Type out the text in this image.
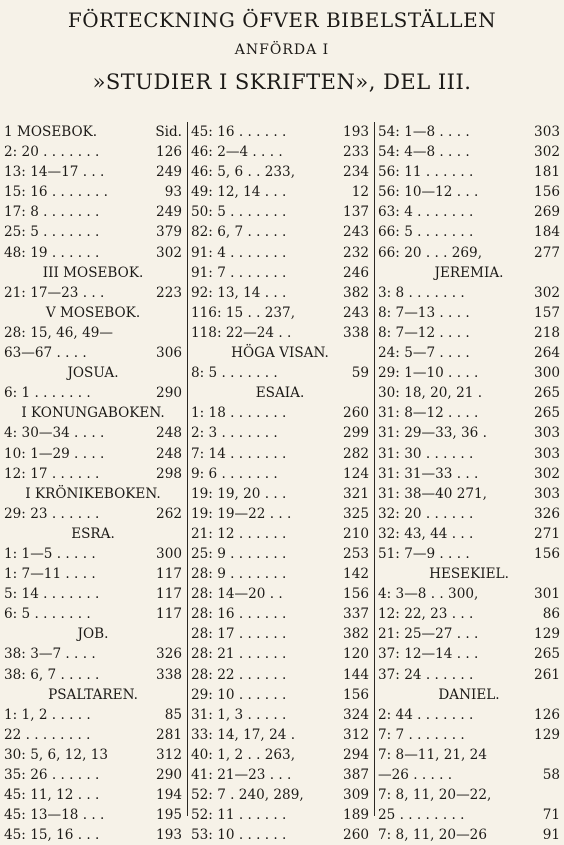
FÖRTECKNING ÖFVER BIBELSTÄLLEN
ANFÖRDA I
»STUDIER I SKRIFTEN», DEL III.
1 MOSEBOK.	Sid.
2: 20 . . . . . . .	126
13: 14—17 . . .	249
15: 16 . . . . . . .	93
17: 8 . . . . . . .	249
25: 5 . . . . . . .	379
48: 19 . . . . . .	302
III MOSEBOK.
21: 17—23 . . .	223
V MOSEBOK.
28: 15, 46, 49—
63—67 . . . .	306
JOSUA.
6: 1 . . . . . . .	290
I KONUNGABOKEN.
4: 30—34 . . . .	248
10: 1—29 . . . .	248
12: 17 . . . . . .	298
I KRÖNIKEBOKEN.
29: 23 . . . . . .	262
ESRA.
1: 1—5 . . . . .	300
1: 7—11 . . . .	117
5: 14 . . . . . . .	117
6: 5 . . . . . . .	117
JOB.
38: 3—7 . . . .	326
38: 6, 7 . . . . .	338
PSALTAREN.
1: 1, 2 . . . . .	85
22 . . . . . . . .	281
30: 5, 6, 12, 13	312
35: 26 . . . . . .	290
45: 11, 12 . . .	194
45: 13—18 . . .	195
45: 15, 16 . . .	193
45: 16 . . . . . .	193
46: 2—4 . . . .	233
46: 5, 6 . . 233,	234
49: 12, 14 . . .	12
50: 5 . . . . . . .	137
82: 6, 7 . . . . .	243
91: 4 . . . . . . .	232
91: 7 . . . . . . .	246
92: 13, 14 . . .	382
116: 15 . . 237,	243
118: 22—24 . .	338
HÖGA VISAN.
8: 5 . . . . . . .	59
ESAIA.
1: 18 . . . . . . .	260
2: 3 . . . . . . .	299
7: 14 . . . . . . .	282
9: 6 . . . . . . .	124
19: 19, 20 . . .	321
19: 19—22 . . .	325
21: 12 . . . . . .	210
25: 9 . . . . . . .	253
28: 9 . . . . . . .	142
28: 14—20 . .	156
28: 16 . . . . . .	337
28: 17 . . . . . .	382
28: 21 . . . . . .	120
28: 22 . . . . . .	144
29: 10 . . . . . .	156
31: 1, 3 . . . . .	324
33: 14, 17, 24 .	312
40: 1, 2 . . 263,	294
41: 21—23 . . .	387
52: 7 . 240, 289,	309
52: 11 . . . . . .	189
53: 10 . . . . . .	260
54: 1—8 . . . .	303
54: 4—8 . . . .	302
56: 11 . . . . . .	181
56: 10—12 . . .	156
63: 4 . . . . . . .	269
66: 5 . . . . . . .	184
66: 20 . . . 269,	277
JEREMIA.
3: 8 . . . . . . .	302
8: 7—13 . . . .	157
8: 7—12 . . . .	218
24: 5—7 . . . .	264
29: 1—10 . . . .	300
30: 18, 20, 21 .	265
31: 8—12 . . . .	265
31: 29—33, 36 .	303
31: 30 . . . . . .	303
31: 31—33 . . .	302
31: 38—40 271,	303
32: 20 . . . . . .	326
32: 43, 44 . . .	271
51: 7—9 . . . .	156
HESEKIEL.
4: 3—8 . . 300,	301
12: 22, 23 . . .	86
21: 25—27 . . .	129
37: 12—14 . . .	265
37: 24 . . . . . .	261
DANIEL.
2: 44 . . . . . . .	126
7: 7 . . . . . . .	129
7: 8—11, 21, 24
—26 . . . . .	58
7: 8, 11, 20—22,
25 . . . . . . . .	71
7: 8, 11, 20—26	91
